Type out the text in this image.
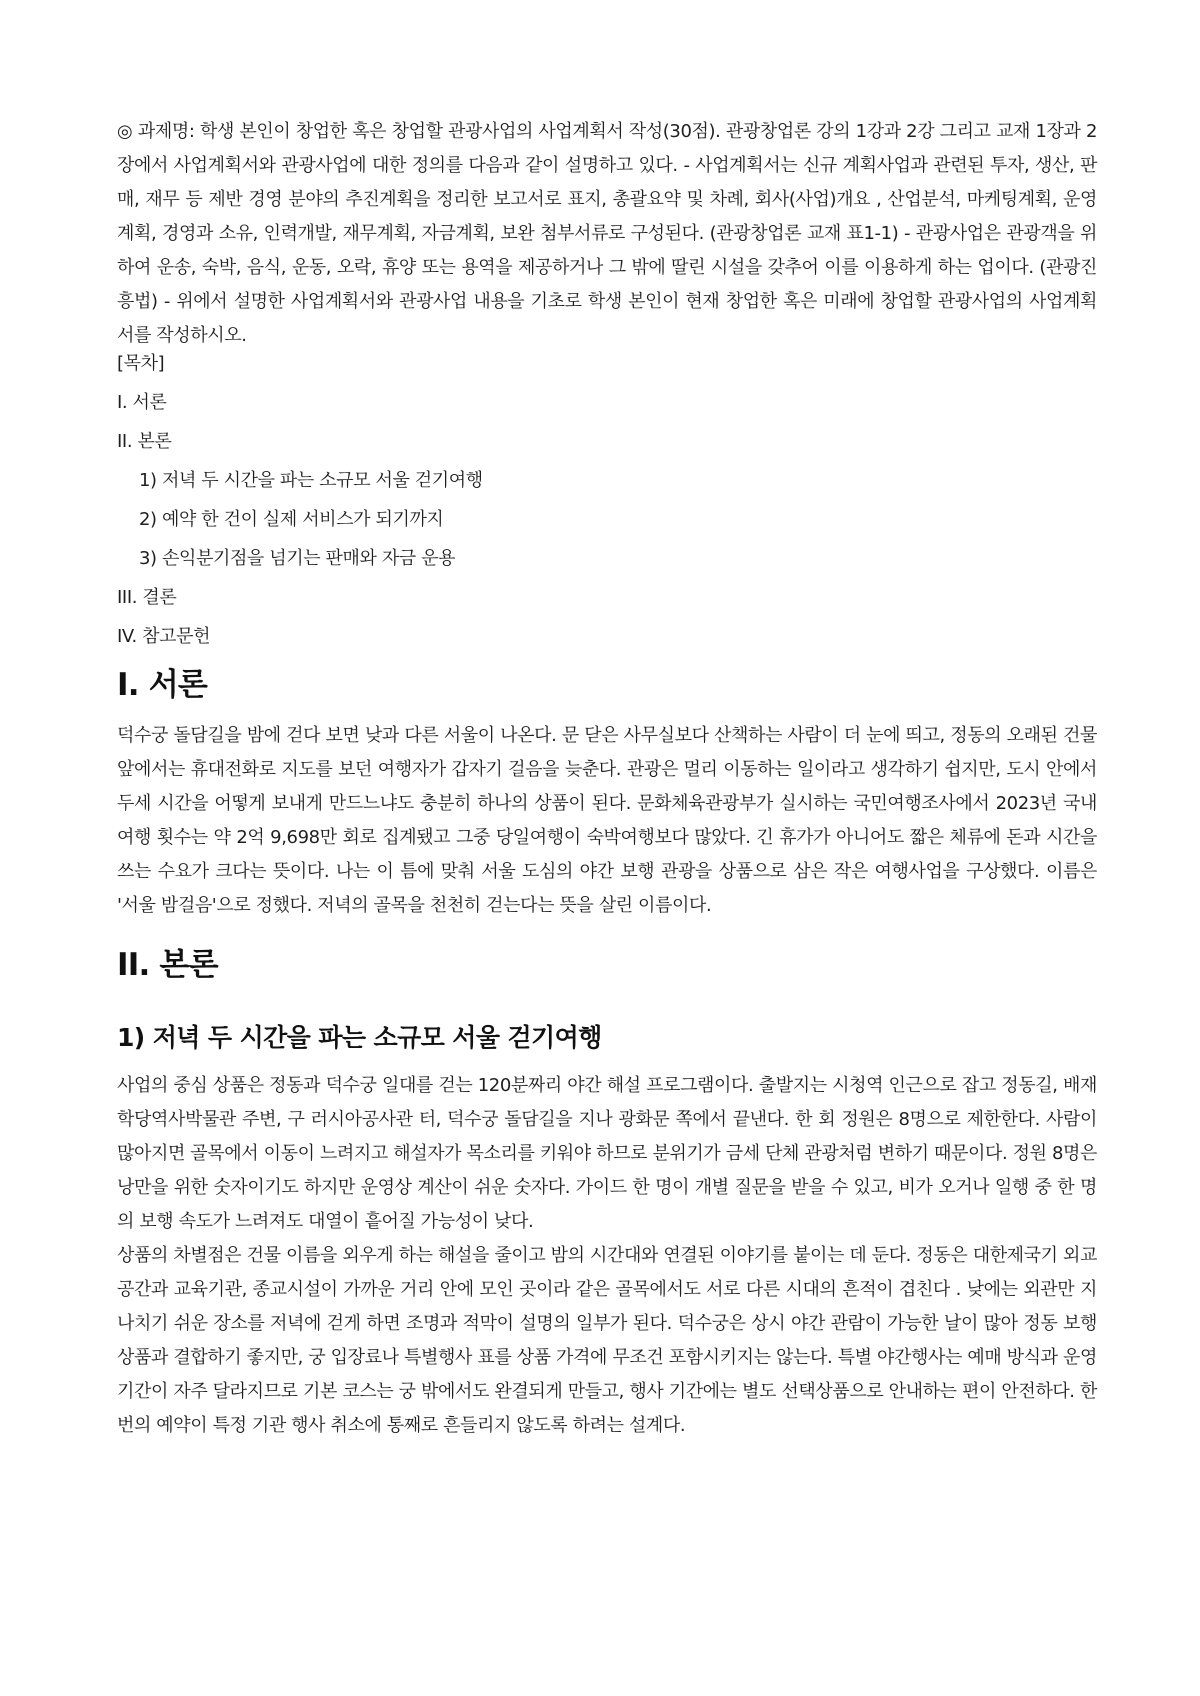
◎ 과제명: 학생 본인이 창업한 혹은 창업할 관광사업의 사업계획서 작성(30점). 관광창업론 강의 1강과 2강 그리고 교재 1장과 2장에서 사업계획서와 관광사업에 대한 정의를 다음과 같이 설명하고 있다. - 사업계획서는 신규 계획사업과 관련된 투자, 생산, 판매, 재무 등 제반 경영 분야의 추진계획을 정리한 보고서로 표지, 총괄요약 및 차례, 회사(사업)개요 , 산업분석, 마케팅계획, 운영계획, 경영과 소유, 인력개발, 재무계획, 자금계획, 보완 첨부서류로 구성된다. (관광창업론 교재 표1-1) - 관광사업은 관광객을 위하여 운송, 숙박, 음식, 운동, 오락, 휴양 또는 용역을 제공하거나 그 밖에 딸린 시설을 갖추어 이를 이용하게 하는 업이다. (관광진흥법) - 위에서 설명한 사업계획서와 관광사업 내용을 기초로 학생 본인이 현재 창업한 혹은 미래에 창업할 관광사업의 사업계획서를 작성하시오.

[목차]
I. 서론
II. 본론
1) 저녁 두 시간을 파는 소규모 서울 걷기여행
2) 예약 한 건이 실제 서비스가 되기까지
3) 손익분기점을 넘기는 판매와 자금 운용
III. 결론
IV. 참고문헌
I. 서론

덕수궁 돌담길을 밤에 걷다 보면 낮과 다른 서울이 나온다. 문 닫은 사무실보다 산책하는 사람이 더 눈에 띄고, 정동의 오래된 건물 앞에서는 휴대전화로 지도를 보던 여행자가 갑자기 걸음을 늦춘다. 관광은 멀리 이동하는 일이라고 생각하기 쉽지만, 도시 안에서 두세 시간을 어떻게 보내게 만드느냐도 충분히 하나의 상품이 된다. 문화체육관광부가 실시하는 국민여행조사에서 2023년 국내여행 횟수는 약 2억 9,698만 회로 집계됐고 그중 당일여행이 숙박여행보다 많았다. 긴 휴가가 아니어도 짧은 체류에 돈과 시간을 쓰는 수요가 크다는 뜻이다. 나는 이 틈에 맞춰 서울 도심의 야간 보행 관광을 상품으로 삼은 작은 여행사업을 구상했다. 이름은 '서울 밤걸음'으로 정했다. 저녁의 골목을 천천히 걷는다는 뜻을 살린 이름이다.

II. 본론
1) 저녁 두 시간을 파는 소규모 서울 걷기여행

사업의 중심 상품은 정동과 덕수궁 일대를 걷는 120분짜리 야간 해설 프로그램이다. 출발지는 시청역 인근으로 잡고 정동길, 배재학당역사박물관 주변, 구 러시아공사관 터, 덕수궁 돌담길을 지나 광화문 쪽에서 끝낸다. 한 회 정원은 8명으로 제한한다. 사람이 많아지면 골목에서 이동이 느려지고 해설자가 목소리를 키워야 하므로 분위기가 금세 단체 관광처럼 변하기 때문이다. 정원 8명은 낭만을 위한 숫자이기도 하지만 운영상 계산이 쉬운 숫자다. 가이드 한 명이 개별 질문을 받을 수 있고, 비가 오거나 일행 중 한 명의 보행 속도가 느려져도 대열이 흩어질 가능성이 낮다.

상품의 차별점은 건물 이름을 외우게 하는 해설을 줄이고 밤의 시간대와 연결된 이야기를 붙이는 데 둔다. 정동은 대한제국기 외교 공간과 교육기관, 종교시설이 가까운 거리 안에 모인 곳이라 같은 골목에서도 서로 다른 시대의 흔적이 겹친다 . 낮에는 외관만 지나치기 쉬운 장소를 저녁에 걷게 하면 조명과 적막이 설명의 일부가 된다. 덕수궁은 상시 야간 관람이 가능한 날이 많아 정동 보행 상품과 결합하기 좋지만, 궁 입장료나 특별행사 표를 상품 가격에 무조건 포함시키지는 않는다. 특별 야간행사는 예매 방식과 운영 기간이 자주 달라지므로 기본 코스는 궁 밖에서도 완결되게 만들고, 행사 기간에는 별도 선택상품으로 안내하는 편이 안전하다. 한 번의 예약이 특정 기관 행사 취소에 통째로 흔들리지 않도록 하려는 설계다.
